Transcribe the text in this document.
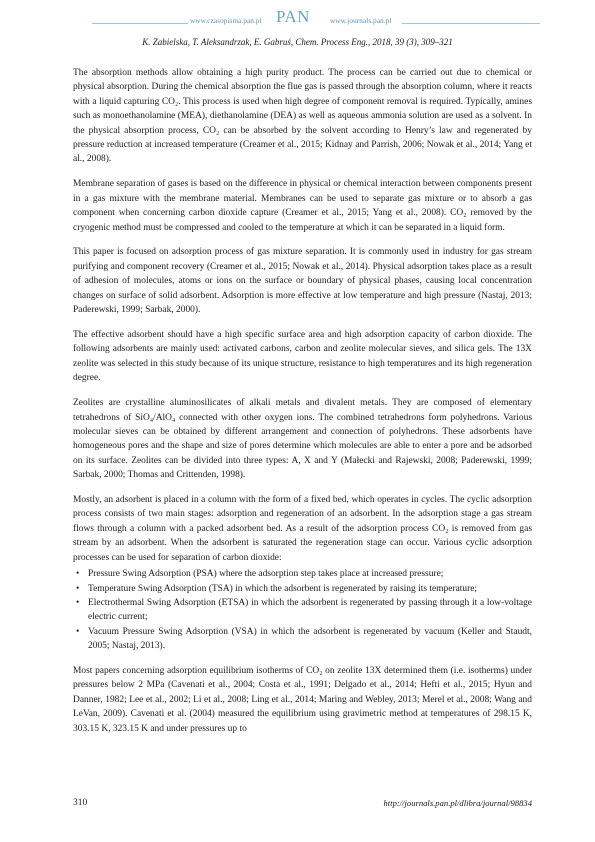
www.czasopisma.pan.pl PAN	www.journals.pan.pl
K. Zabielska, T. Aleksandrzak, E. Gabruś, Chem. Process Eng., 2018, 39 (3), 309–321

The absorption methods allow obtaining a high purity product. The process can be carried out due to chemical or physical absorption. During the chemical absorption the flue gas is passed through the absorption column, where it reacts with a liquid capturing CO₂. This process is used when high degree of component removal is required. Typically, amines such as monoethanolamine (MEA), diethanolamine (DEA) as well as aqueous ammonia solution are used as a solvent. In the physical absorption process, CO₂ can be absorbed by the solvent according to Henry’s law and regenerated by pressure reduction at increased temperature (Creamer et al., 2015; Kidnay and Parrish, 2006; Nowak et al., 2014; Yang et al., 2008).

Membrane separation of gases is based on the difference in physical or chemical interaction between components present in a gas mixture with the membrane material. Membranes can be used to separate gas mixture or to absorb a gas component when concerning carbon dioxide capture (Creamer et al., 2015; Yang et al., 2008). CO₂ removed by the cryogenic method must be compressed and cooled to the temperature at which it can be separated in a liquid form.

This paper is focused on adsorption process of gas mixture separation. It is commonly used in industry for gas stream purifying and component recovery (Creamer et al., 2015; Nowak et al., 2014). Physical adsorption takes place as a result of adhesion of molecules, atoms or ions on the surface or boundary of physical phases, causing local concentration changes on surface of solid adsorbent. Adsorption is more effective at low temperature and high pressure (Nastaj, 2013; Paderewski, 1999; Sarbak, 2000).

The effective adsorbent should have a high specific surface area and high adsorption capacity of carbon dioxide. The following adsorbents are mainly used: activated carbons, carbon and zeolite molecular sieves, and silica gels. The 13X zeolite was selected in this study because of its unique structure, resistance to high temperatures and its high regeneration degree.

Zeolites are crystalline aluminosilicates of alkali metals and divalent metals. They are composed of elementary tetrahedrons of SiO₄/AlO₄ connected with other oxygen ions. The combined tetrahedrons form polyhedrons. Various molecular sieves can be obtained by different arrangement and connection of polyhedrons. These adsorbents have homogeneous pores and the shape and size of pores determine which molecules are able to enter a pore and be adsorbed on its surface. Zeolites can be divided into three types: A, X and Y (Małecki and Rajewski, 2008; Paderewski, 1999; Sarbak, 2000; Thomas and Crittenden, 1998).

Mostly, an adsorbent is placed in a column with the form of a fixed bed, which operates in cycles. The cyclic adsorption process consists of two main stages: adsorption and regeneration of an adsorbent. In the adsorption stage a gas stream flows through a column with a packed adsorbent bed. As a result of the adsorption process CO₂ is removed from gas stream by an adsorbent. When the adsorbent is saturated the regeneration stage can occur. Various cyclic adsorption processes can be used for separation of carbon dioxide:

• Pressure Swing Adsorption (PSA) where the adsorption step takes place at increased pressure;
• Temperature Swing Adsorption (TSA) in which the adsorbent is regenerated by raising its temperature;
• Electrothermal Swing Adsorption (ETSA) in which the adsorbent is regenerated by passing through it a low-voltage electric current;
• Vacuum Pressure Swing Adsorption (VSA) in which the adsorbent is regenerated by vacuum (Keller and Staudt, 2005; Nastaj, 2013).

Most papers concerning adsorption equilibrium isotherms of CO₂ on zeolite 13X determined them (i.e. isotherms) under pressures below 2 MPa (Cavenati et al., 2004; Costa et al., 1991; Delgado et al., 2014; Hefti et al., 2015; Hyun and Danner, 1982; Lee et al., 2002; Li et al., 2008; Ling et al., 2014; Maring and Webley, 2013; Merel et al., 2008; Wang and LeVan, 2009). Cavenati et al. (2004) measured the equilibrium using gravimetric method at temperatures of 298.15 K, 303.15 K, 323.15 K and under pressures up to

310	http://journals.pan.pl/dlibra/journal/98834
